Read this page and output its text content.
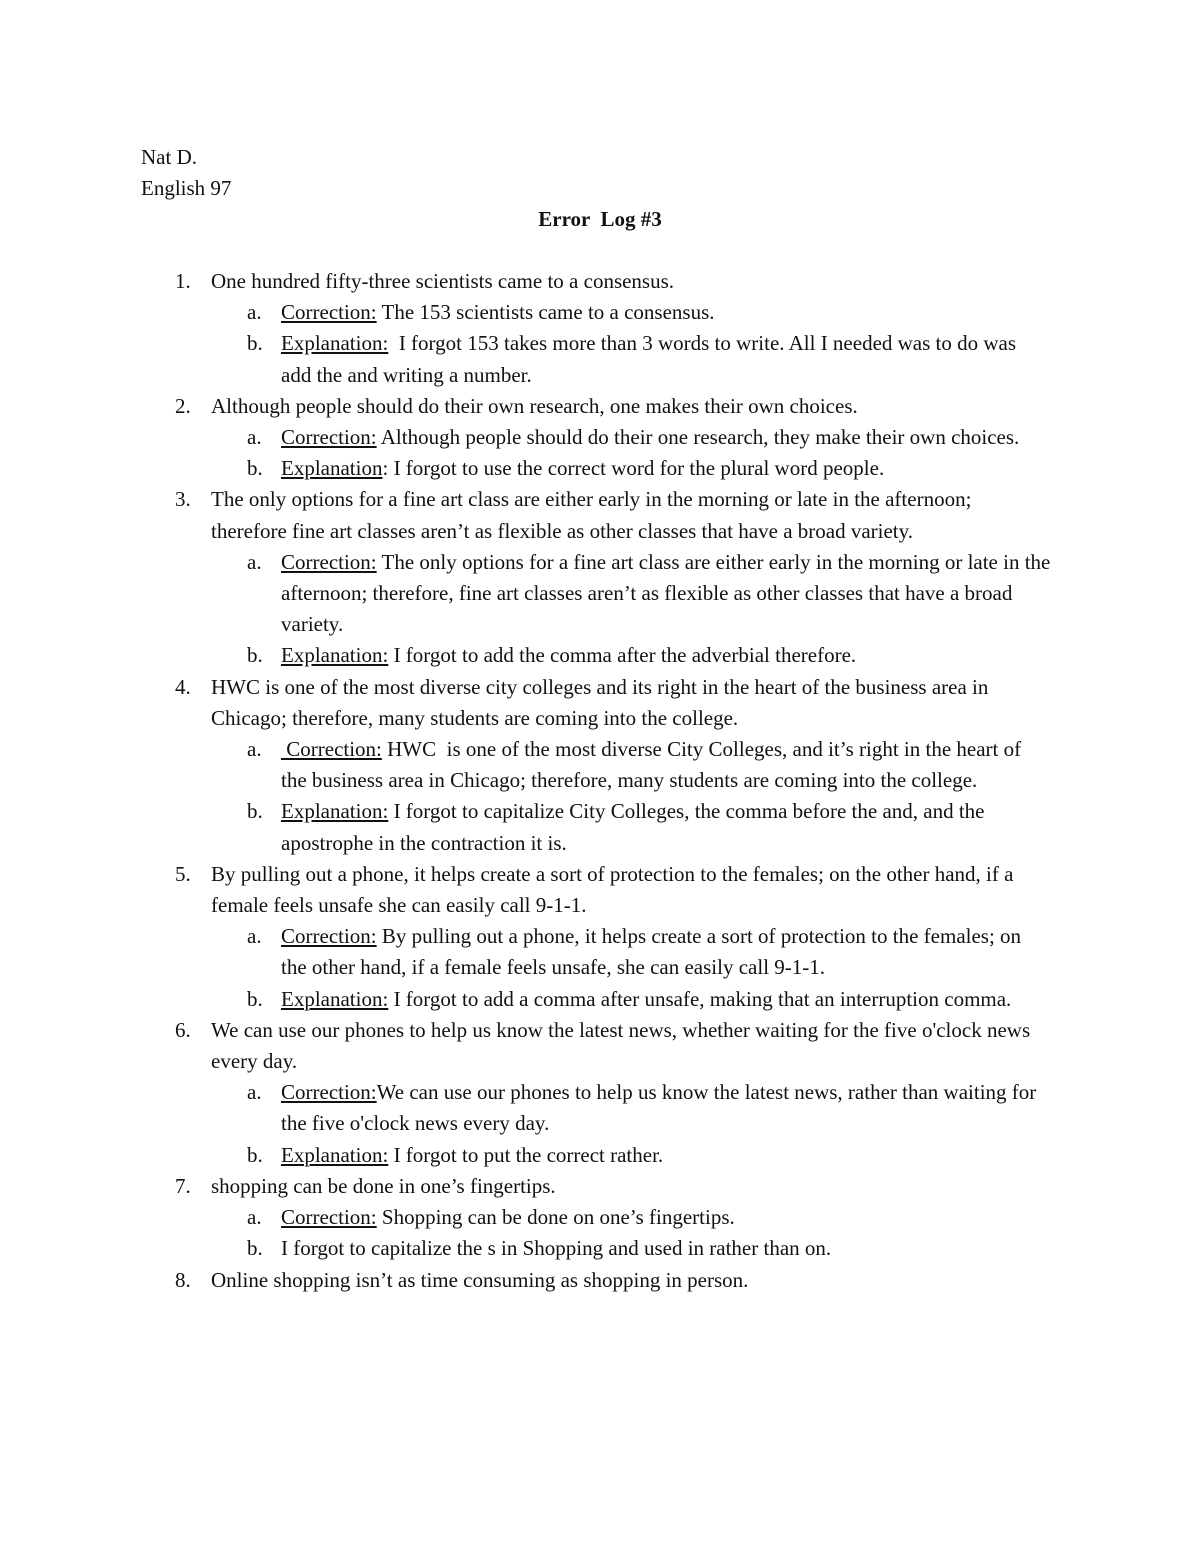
Nat D.
English 97
Error  Log #3
1. One hundred fifty-three scientists came to a consensus.
a. Correction: The 153 scientists came to a consensus.
b. Explanation:  I forgot 153 takes more than 3 words to write. All I needed was to do was add the and writing a number.
2. Although people should do their own research, one makes their own choices.
a. Correction: Although people should do their one research, they make their own choices.
b. Explanation: I forgot to use the correct word for the plural word people.
3. The only options for a fine art class are either early in the morning or late in the afternoon; therefore fine art classes aren’t as flexible as other classes that have a broad variety.
a. Correction: The only options for a fine art class are either early in the morning or late in the afternoon; therefore, fine art classes aren’t as flexible as other classes that have a broad variety.
b. Explanation: I forgot to add the comma after the adverbial therefore.
4. HWC is one of the most diverse city colleges and its right in the heart of the business area in Chicago; therefore, many students are coming into the college.
a. Correction: HWC  is one of the most diverse City Colleges, and it’s right in the heart of the business area in Chicago; therefore, many students are coming into the college.
b. Explanation: I forgot to capitalize City Colleges, the comma before the and, and the apostrophe in the contraction it is.
5. By pulling out a phone, it helps create a sort of protection to the females; on the other hand, if a female feels unsafe she can easily call 9-1-1.
a. Correction: By pulling out a phone, it helps create a sort of protection to the females; on the other hand, if a female feels unsafe, she can easily call 9-1-1.
b. Explanation: I forgot to add a comma after unsafe, making that an interruption comma.
6. We can use our phones to help us know the latest news, whether waiting for the five o'clock news every day.
a. Correction:We can use our phones to help us know the latest news, rather than waiting for the five o'clock news every day.
b. Explanation: I forgot to put the correct rather.
7. shopping can be done in one’s fingertips.
a. Correction: Shopping can be done on one’s fingertips.
b. I forgot to capitalize the s in Shopping and used in rather than on.
8. Online shopping isn’t as time consuming as shopping in person.
